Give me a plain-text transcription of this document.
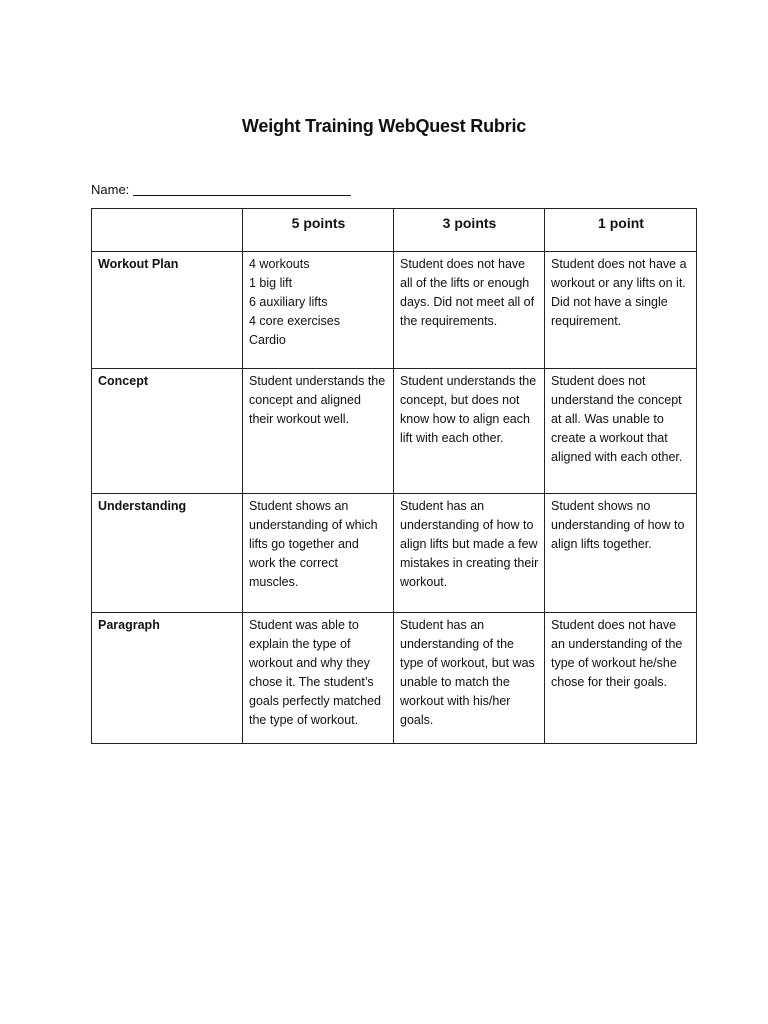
Weight Training WebQuest Rubric
Name:
	5 points	3 points	1 point
Workout Plan	4 workouts
1 big lift
6 auxiliary lifts
4 core exercises
Cardio	Student does not have all of the lifts or enough days. Did not meet all of the requirements.	Student does not have a workout or any lifts on it. Did not have a single requirement.
Concept	Student understands the concept and aligned their workout well.	Student understands the concept, but does not know how to align each lift with each other.	Student does not understand the concept at all. Was unable to create a workout that aligned with each other.
Understanding	Student shows an understanding of which lifts go together and work the correct muscles.	Student has an understanding of how to align lifts but made a few mistakes in creating their workout.	Student shows no understanding of how to align lifts together.
Paragraph	Student was able to explain the type of workout and why they chose it. The student’s goals perfectly matched the type of workout.	Student has an understanding of the type of workout, but was unable to match the workout with his/her goals.	Student does not have an understanding of the type of workout he/she chose for their goals.
